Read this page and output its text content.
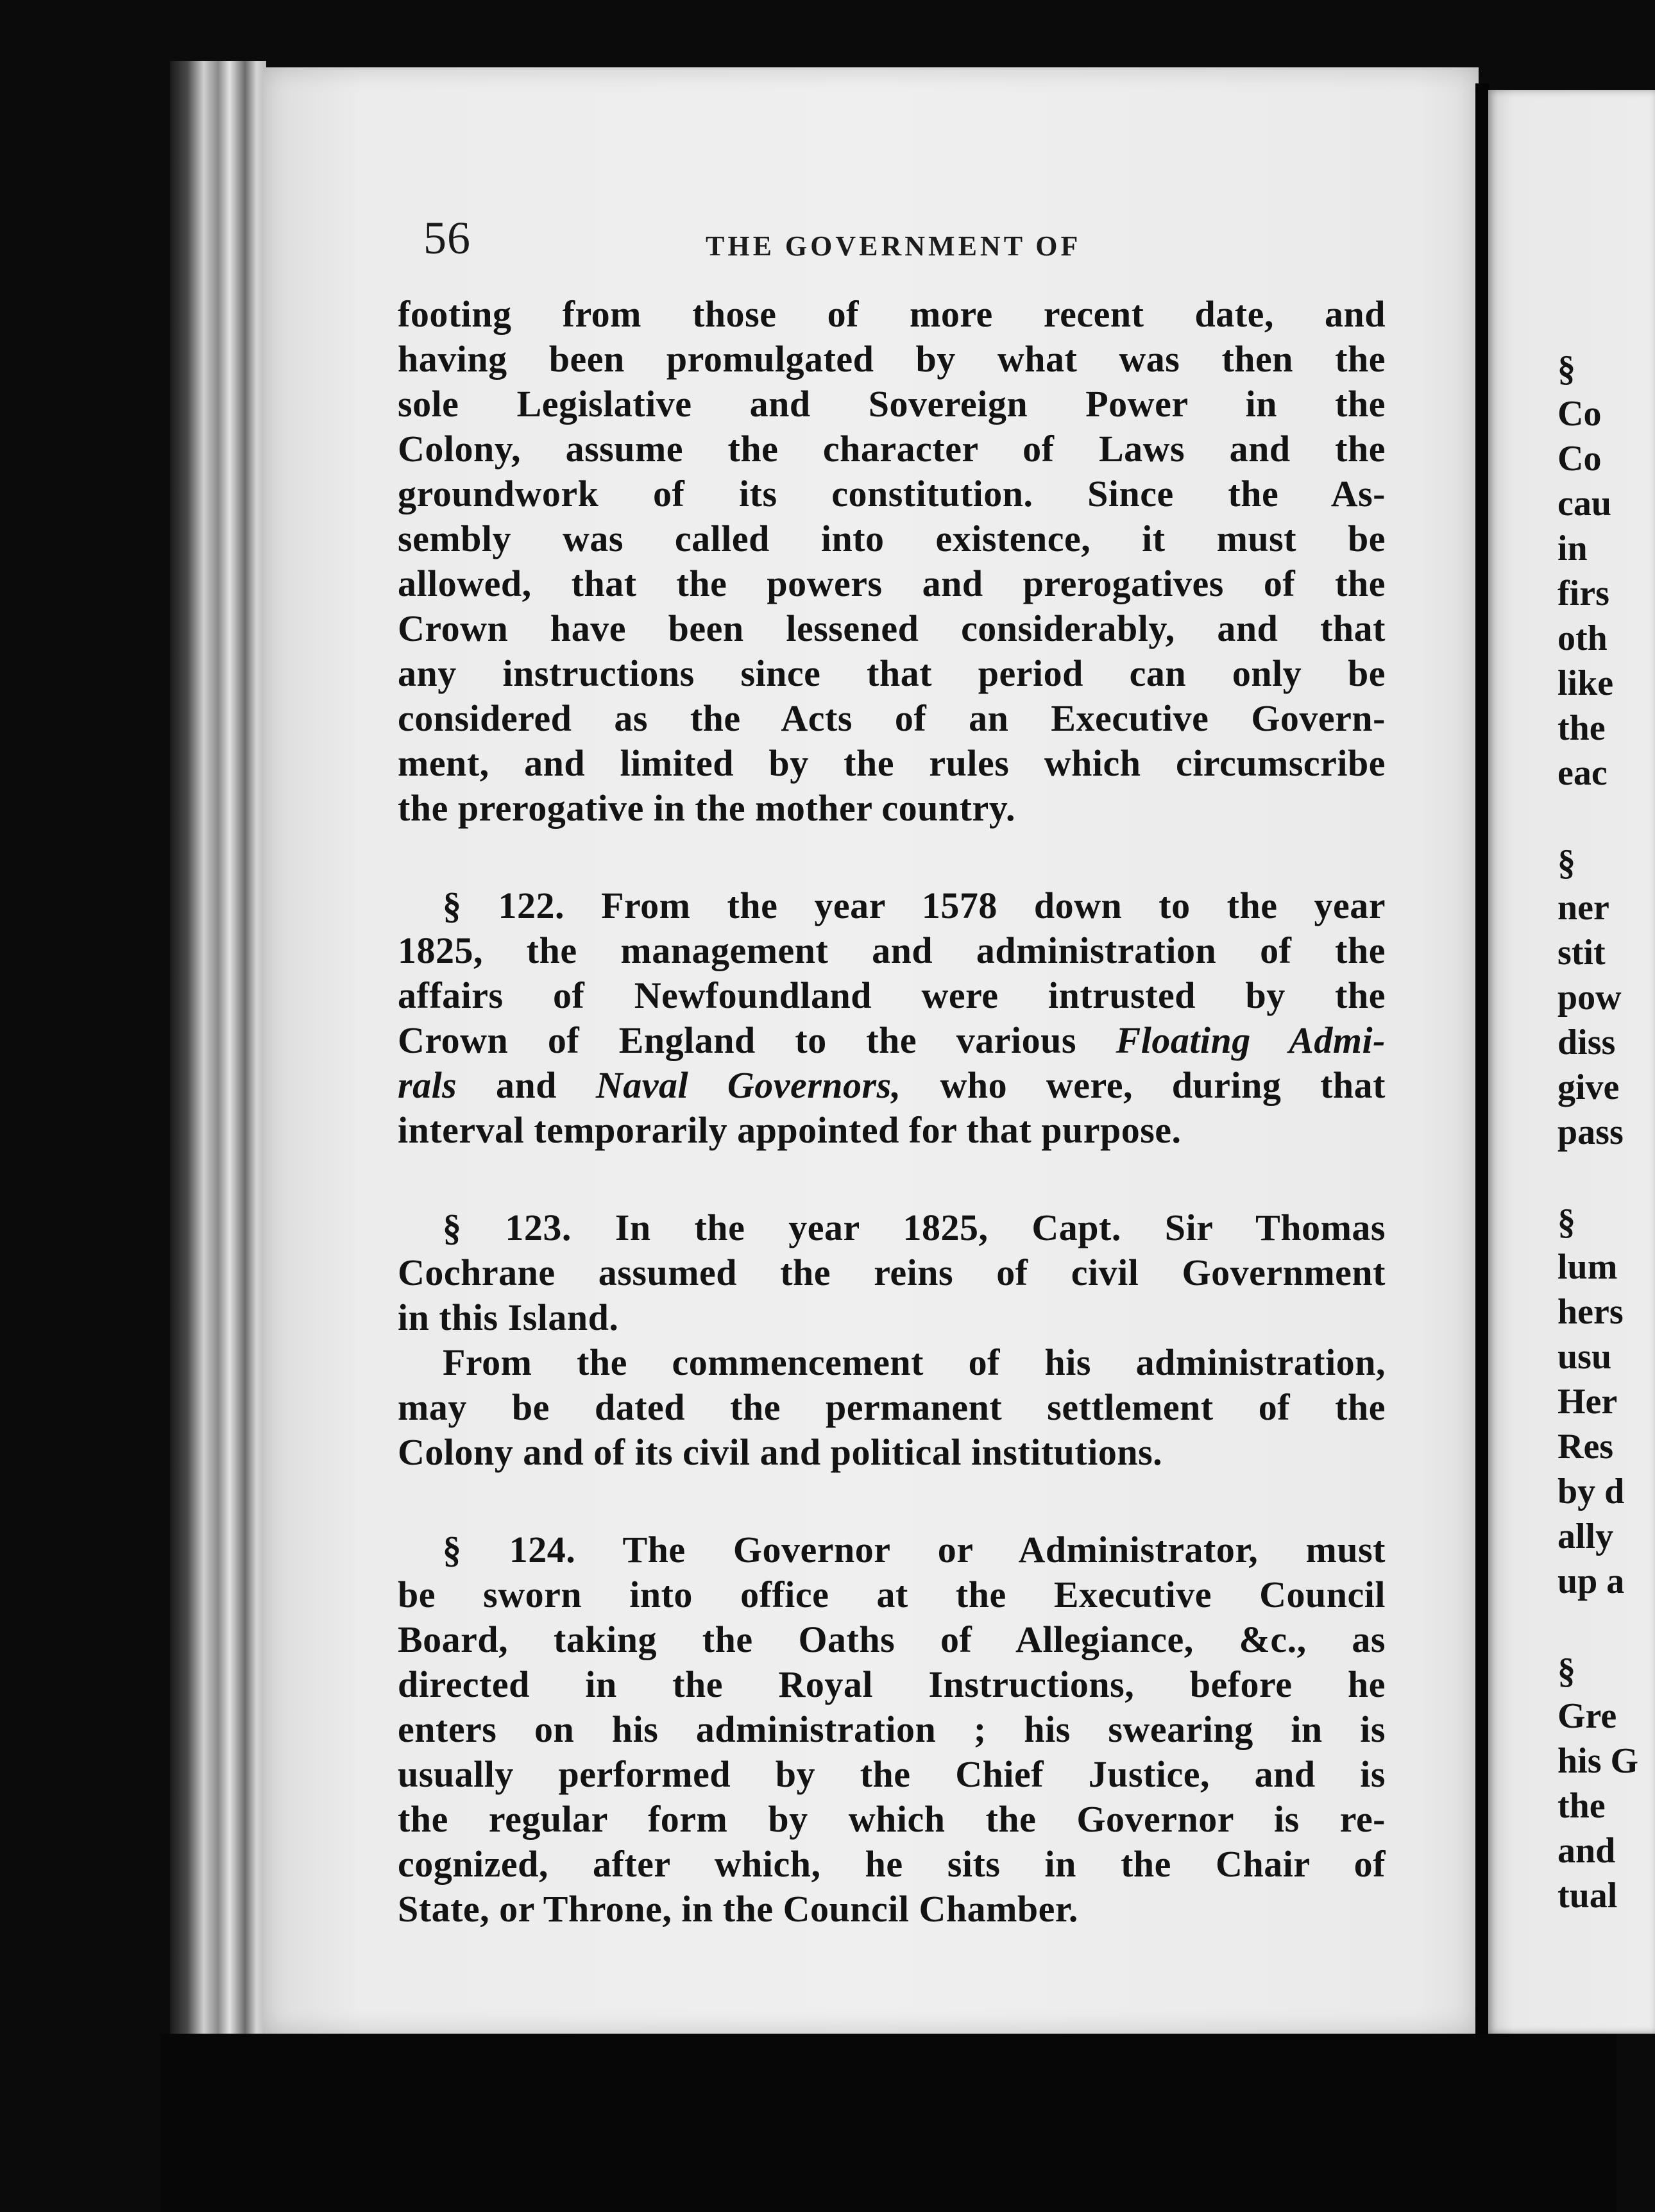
56	THE GOVERNMENT OF
footing from those of more recent date, and
having been promulgated by what was then the
sole Legislative and Sovereign Power in the
Colony, assume the character of Laws and the
groundwork of its constitution. Since the As-
sembly was called into existence, it must be
allowed, that the powers and prerogatives of the
Crown have been lessened considerably, and that
any instructions since that period can only be
considered as the Acts of an Executive Govern-
ment, and limited by the rules which circumscribe
the prerogative in the mother country.
§ 122. From the year 1578 down to the year
1825, the management and administration of the
affairs of Newfoundland were intrusted by the
Crown of England to the various Floating Admi-
rals and Naval Governors, who were, during that
interval temporarily appointed for that purpose.
§ 123. In the year 1825, Capt. Sir Thomas
Cochrane assumed the reins of civil Government
in this Island.
From the commencement of his administration,
may be dated the permanent settlement of the
Colony and of its civil and political institutions.
§ 124. The Governor or Administrator, must
be sworn into office at the Executive Council
Board, taking the Oaths of Allegiance, &c., as
directed in the Royal Instructions, before he
enters on his administration ; his swearing in is
usually performed by the Chief Justice, and is
the regular form by which the Governor is re-
cognized, after which, he sits in the Chair of
State, or Throne, in the Council Chamber.
§
Co
Co
cau
in
firs
oth
like
the
eac
§
ner
stit
pow
diss
give
pass
§
lum
hers
usu
Her
Res
by d
ally
up a
§
Gre
his G
the
and
tual
